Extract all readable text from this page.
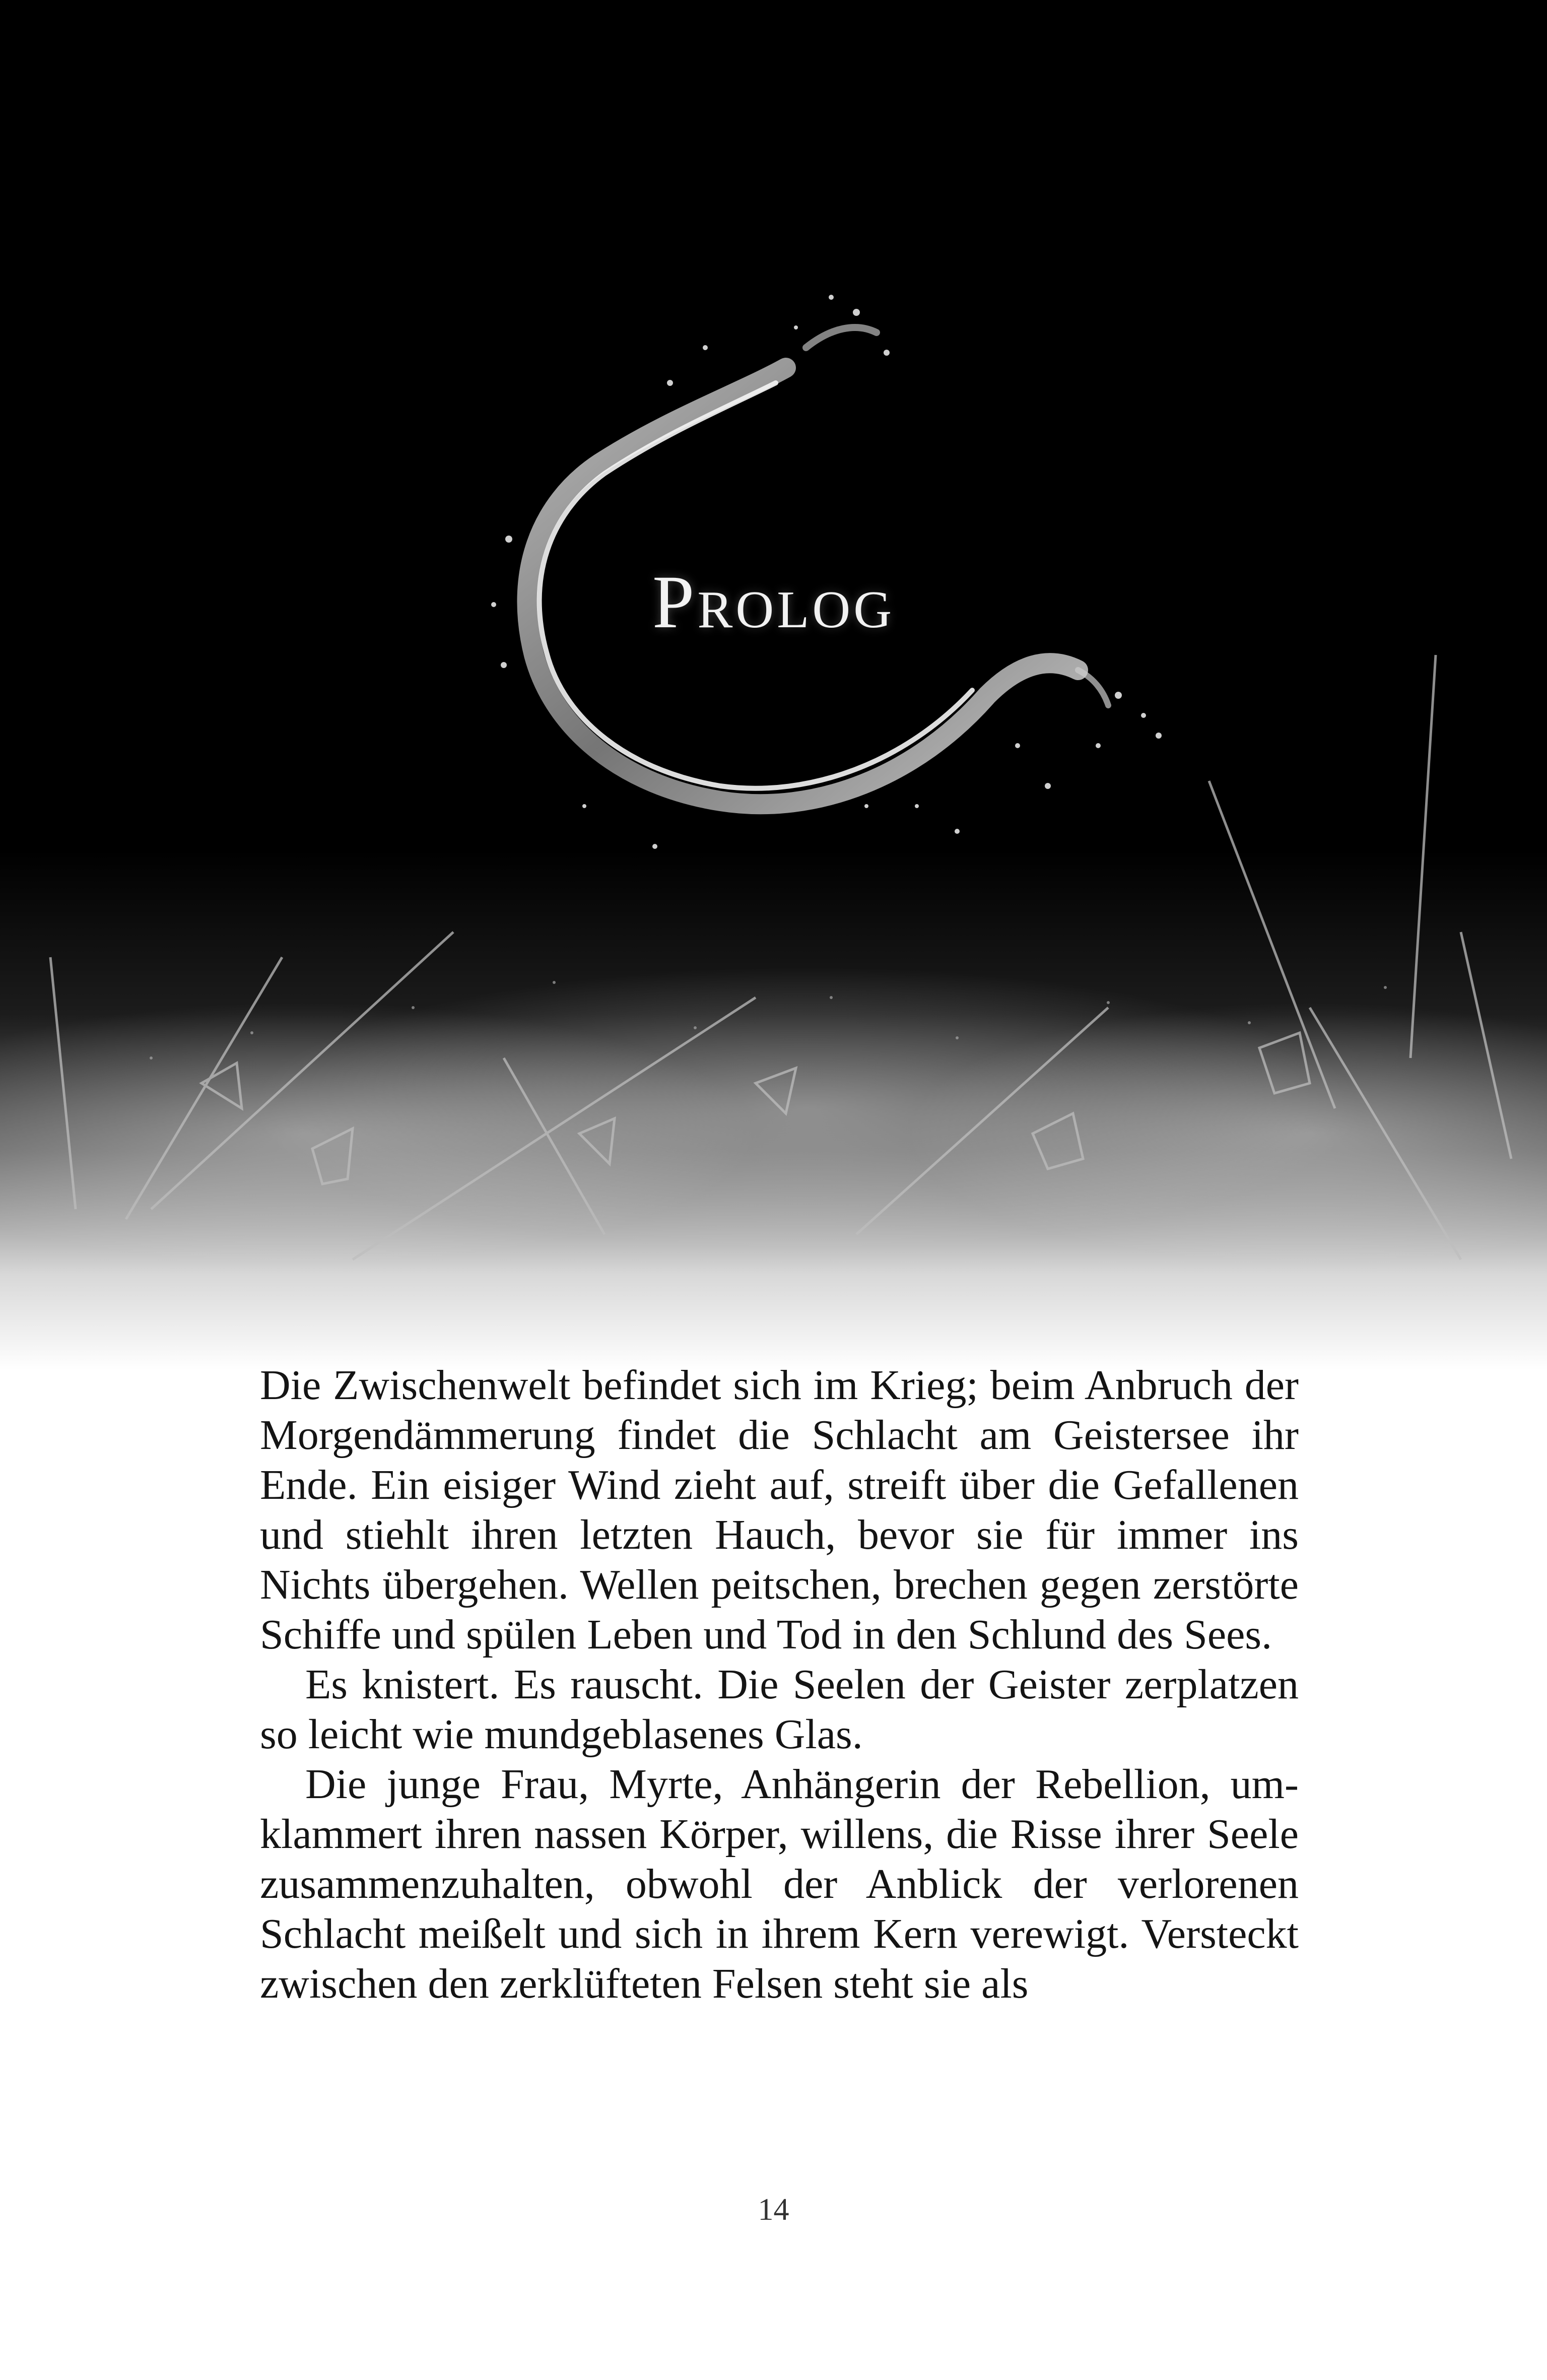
Prolog

Die Zwischenwelt befindet sich im Krieg; beim Anbruch der Morgendämmerung findet die Schlacht am Geistersee ihr Ende. Ein eisiger Wind zieht auf, streift über die Gefallenen und stiehlt ihren letzten Hauch, bevor sie für immer ins Nichts übergehen. Wellen peitschen, brechen gegen zerstörte Schiffe und spülen Leben und Tod in den Schlund des Sees.

Es knistert. Es rauscht. Die Seelen der Geister zerplatzen so leicht wie mundgeblasenes Glas.

Die junge Frau, Myrte, Anhängerin der Rebellion, umklammert ihren nassen Körper, willens, die Risse ihrer Seele zusammenzuhalten, obwohl der Anblick der verlorenen Schlacht meißelt und sich in ihrem Kern verewigt. Versteckt zwischen den zerklüfteten Felsen steht sie als

14
